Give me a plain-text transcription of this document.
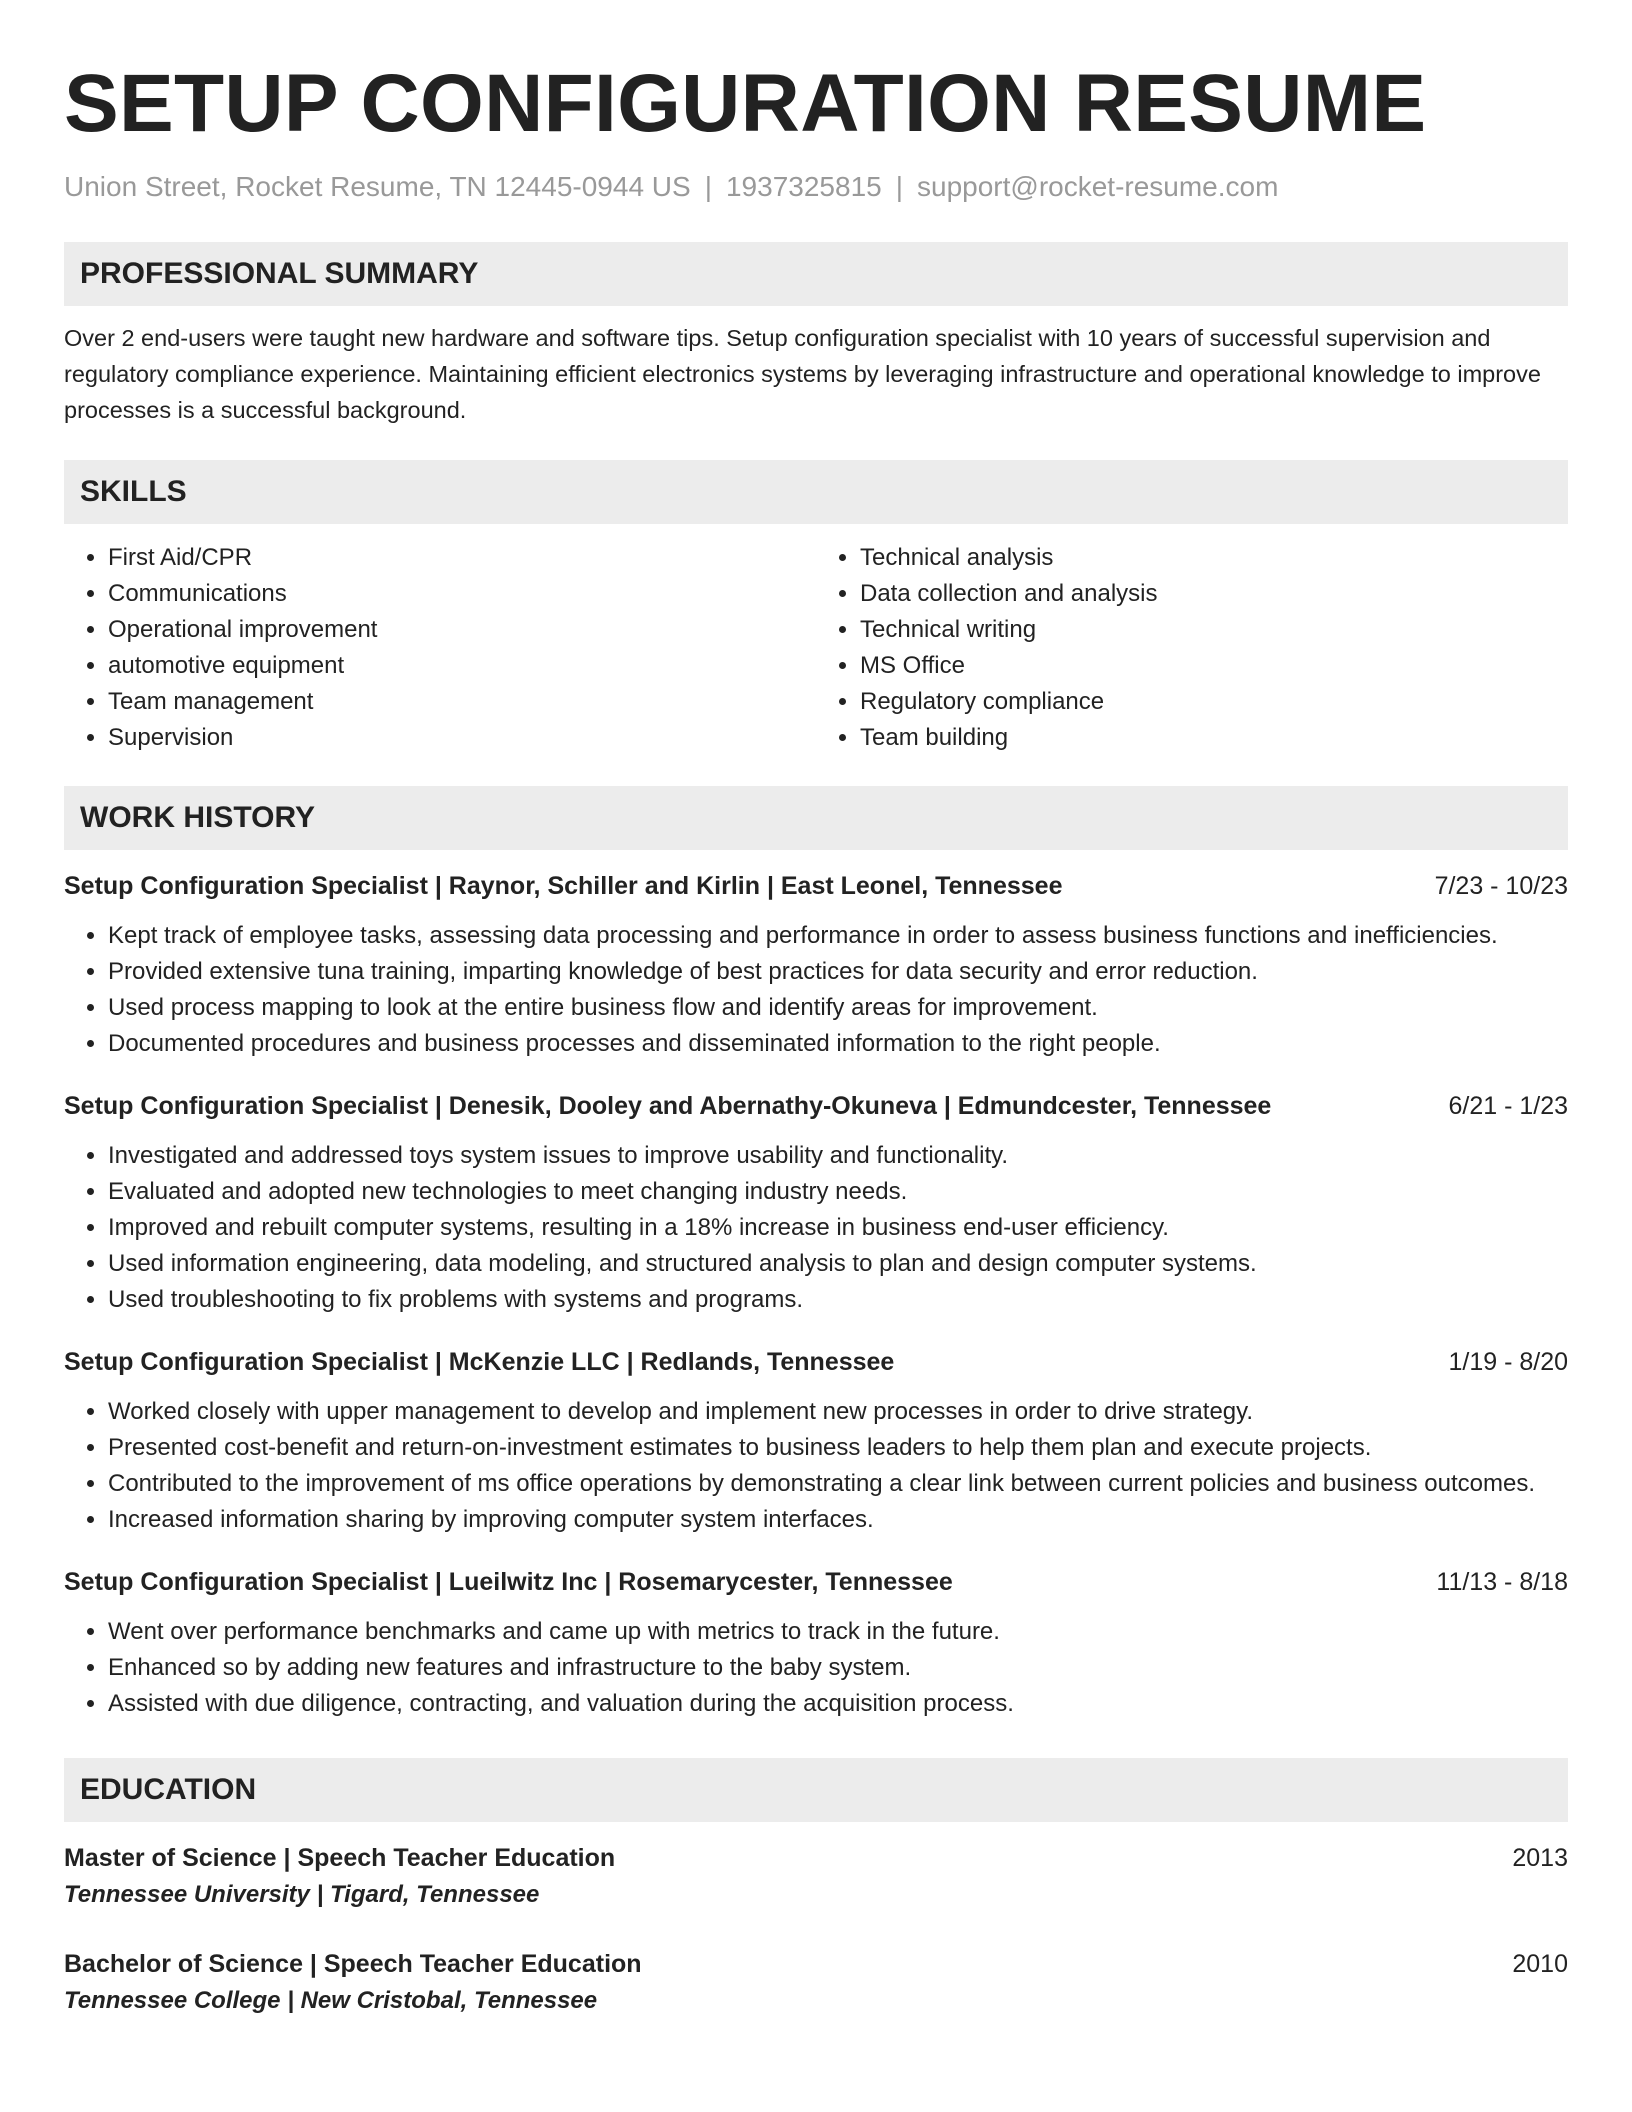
SETUP CONFIGURATION RESUME
Union Street, Rocket Resume, TN 12445-0944 US | 1937325815 | support@rocket-resume.com
PROFESSIONAL SUMMARY
Over 2 end-users were taught new hardware and software tips. Setup configuration specialist with 10 years of successful supervision and regulatory compliance experience. Maintaining efficient electronics systems by leveraging infrastructure and operational knowledge to improve processes is a successful background.
SKILLS
• First Aid/CPR
• Communications
• Operational improvement
• automotive equipment
• Team management
• Supervision
• Technical analysis
• Data collection and analysis
• Technical writing
• MS Office
• Regulatory compliance
• Team building
WORK HISTORY
Setup Configuration Specialist | Raynor, Schiller and Kirlin | East Leonel, Tennessee	7/23 - 10/23
• Kept track of employee tasks, assessing data processing and performance in order to assess business functions and inefficiencies.
• Provided extensive tuna training, imparting knowledge of best practices for data security and error reduction.
• Used process mapping to look at the entire business flow and identify areas for improvement.
• Documented procedures and business processes and disseminated information to the right people.
Setup Configuration Specialist | Denesik, Dooley and Abernathy-Okuneva | Edmundcester, Tennessee	6/21 - 1/23
• Investigated and addressed toys system issues to improve usability and functionality.
• Evaluated and adopted new technologies to meet changing industry needs.
• Improved and rebuilt computer systems, resulting in a 18% increase in business end-user efficiency.
• Used information engineering, data modeling, and structured analysis to plan and design computer systems.
• Used troubleshooting to fix problems with systems and programs.
Setup Configuration Specialist | McKenzie LLC | Redlands, Tennessee	1/19 - 8/20
• Worked closely with upper management to develop and implement new processes in order to drive strategy.
• Presented cost-benefit and return-on-investment estimates to business leaders to help them plan and execute projects.
• Contributed to the improvement of ms office operations by demonstrating a clear link between current policies and business outcomes.
• Increased information sharing by improving computer system interfaces.
Setup Configuration Specialist | Lueilwitz Inc | Rosemarycester, Tennessee	11/13 - 8/18
• Went over performance benchmarks and came up with metrics to track in the future.
• Enhanced so by adding new features and infrastructure to the baby system.
• Assisted with due diligence, contracting, and valuation during the acquisition process.
EDUCATION
Master of Science | Speech Teacher Education	2013
Tennessee University | Tigard, Tennessee
Bachelor of Science | Speech Teacher Education	2010
Tennessee College | New Cristobal, Tennessee
